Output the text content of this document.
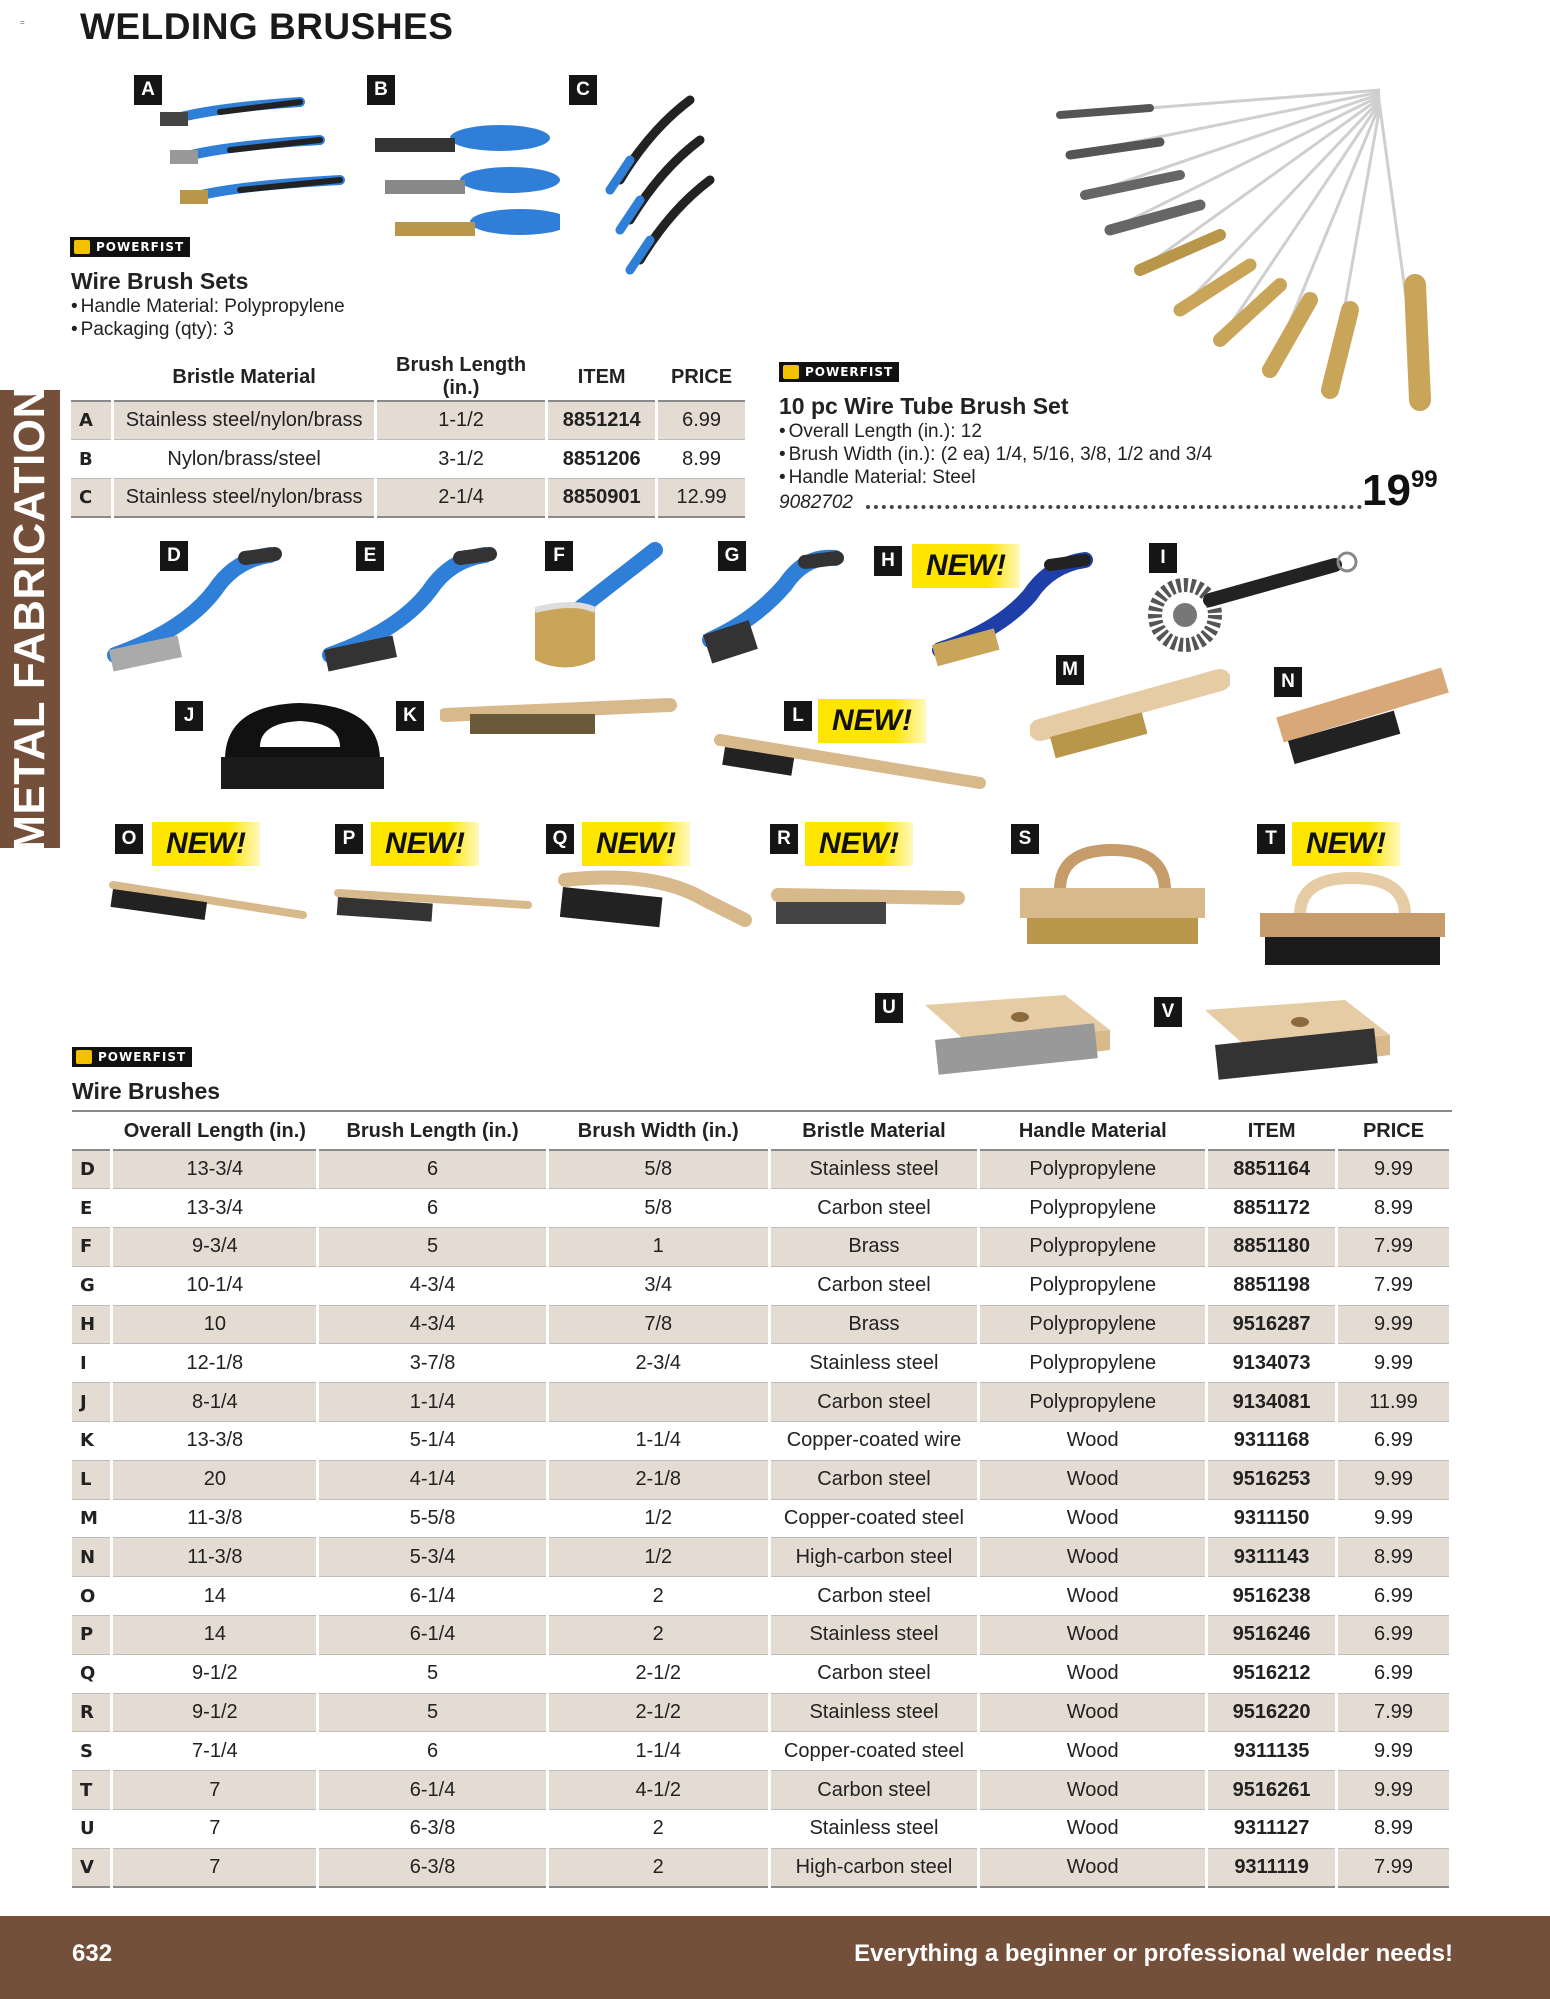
= WELDING BRUSHES
METAL FABRICATION
A	B	C
POWERFIST
Wire Brush Sets
• Handle Material: Polypropylene
• Packaging (qty): 3
	Bristle Material	Brush Length (in.)	ITEM	PRICE
A	Stainless steel/nylon/brass	1-1/2	8851214	6.99
B	Nylon/brass/steel	3-1/2	8851206	8.99
C	Stainless steel/nylon/brass	2-1/4	8850901	12.99
POWERFIST
10 pc Wire Tube Brush Set
• Overall Length (in.): 12
• Brush Width (in.): (2 ea) 1/4, 5/16, 3/8, 1/2 and 3/4
• Handle Material: Steel
9082702	$19^{99}$
D	E	F	G	H	I
J	K	L
M
N
O	P	Q	R	S	T
U	V
NEW!
NEW!
NEW!	NEW!	NEW!	NEW!	NEW!
POWERFIST
Wire Brushes
	Overall Length (in.)	Brush Length (in.)	Brush Width (in.)	Bristle Material	Handle Material	ITEM	PRICE
D	13-3/4	6	5/8	Stainless steel	Polypropylene	8851164	9.99
E	13-3/4	6	5/8	Carbon steel	Polypropylene	8851172	8.99
F	9-3/4	5	1	Brass	Polypropylene	8851180	7.99
G	10-1/4	4-3/4	3/4	Carbon steel	Polypropylene	8851198	7.99
H	10	4-3/4	7/8	Brass	Polypropylene	9516287	9.99
I	12-1/8	3-7/8	2-3/4	Stainless steel	Polypropylene	9134073	9.99
J	8-1/4	1-1/4		Carbon steel	Polypropylene	9134081	11.99
K	13-3/8	5-1/4	1-1/4	Copper-coated wire	Wood	9311168	6.99
L	20	4-1/4	2-1/8	Carbon steel	Wood	9516253	9.99
M	11-3/8	5-5/8	1/2	Copper-coated steel	Wood	9311150	9.99
N	11-3/8	5-3/4	1/2	High-carbon steel	Wood	9311143	8.99
O	14	6-1/4	2	Carbon steel	Wood	9516238	6.99
P	14	6-1/4	2	Stainless steel	Wood	9516246	6.99
Q	9-1/2	5	2-1/2	Carbon steel	Wood	9516212	6.99
R	9-1/2	5	2-1/2	Stainless steel	Wood	9516220	7.99
S	7-1/4	6	1-1/4	Copper-coated steel	Wood	9311135	9.99
T	7	6-1/4	4-1/2	Carbon steel	Wood	9516261	9.99
U	7	6-3/8	2	Stainless steel	Wood	9311127	8.99
V	7	6-3/8	2	High-carbon steel	Wood	9311119	7.99
632	Everything a beginner or professional welder needs!
